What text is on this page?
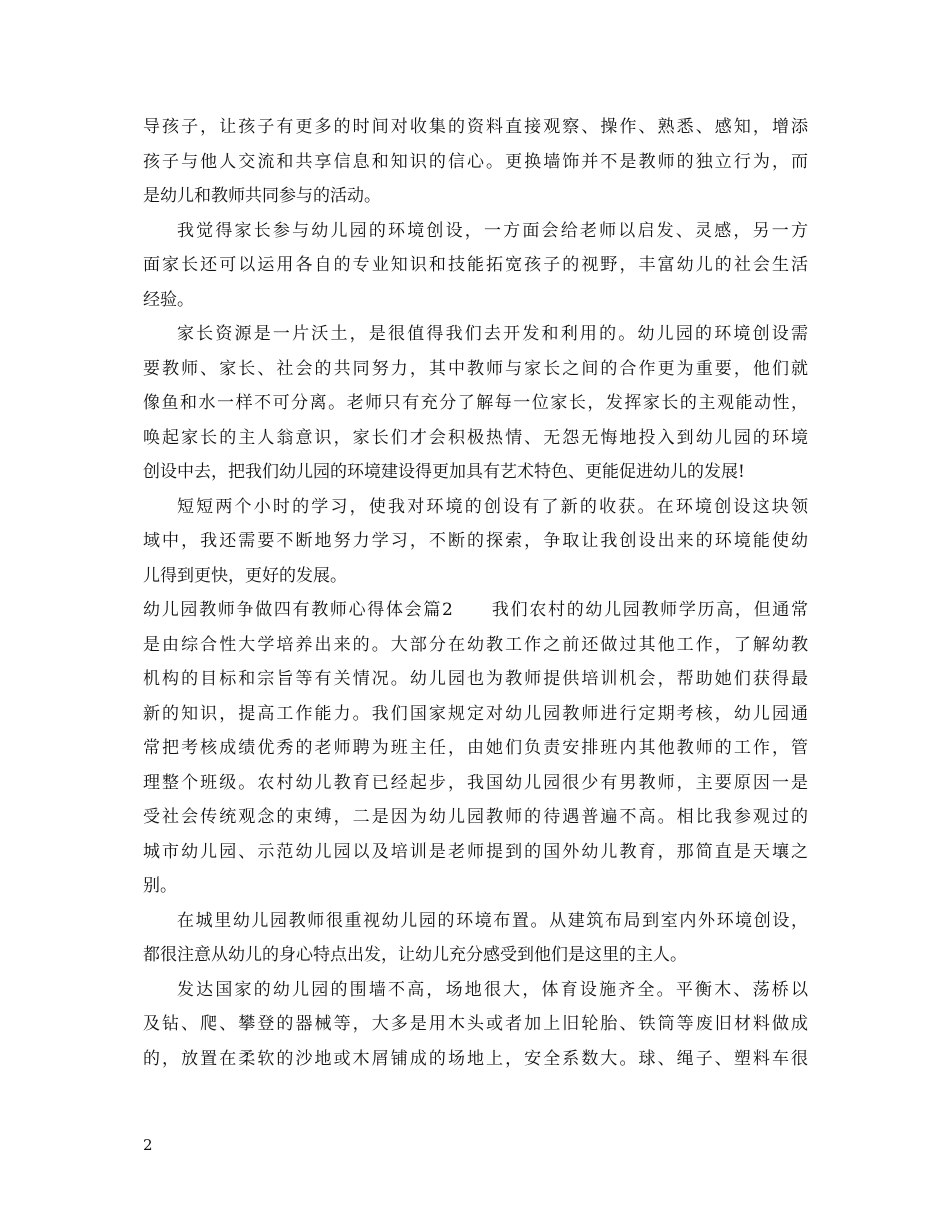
导孩子，让孩子有更多的时间对收集的资料直接观察、操作、熟悉、感知，增添
孩子与他人交流和共享信息和知识的信心。更换墙饰并不是教师的独立行为，而
是幼儿和教师共同参与的活动。
我觉得家长参与幼儿园的环境创设，一方面会给老师以启发、灵感，另一方
面家长还可以运用各自的专业知识和技能拓宽孩子的视野，丰富幼儿的社会生活
经验。
家长资源是一片沃土，是很值得我们去开发和利用的。幼儿园的环境创设需
要教师、家长、社会的共同努力，其中教师与家长之间的合作更为重要，他们就
像鱼和水一样不可分离。老师只有充分了解每一位家长，发挥家长的主观能动性，
唤起家长的主人翁意识，家长们才会积极热情、无怨无悔地投入到幼儿园的环境
创设中去，把我们幼儿园的环境建设得更加具有艺术特色、更能促进幼儿的发展!
短短两个小时的学习，使我对环境的创设有了新的收获。在环境创设这块领
域中，我还需要不断地努力学习，不断的探索，争取让我创设出来的环境能使幼
儿得到更快，更好的发展。
幼儿园教师争做四有教师心得体会篇2　　我们农村的幼儿园教师学历高，但通常
是由综合性大学培养出来的。大部分在幼教工作之前还做过其他工作，了解幼教
机构的目标和宗旨等有关情况。幼儿园也为教师提供培训机会，帮助她们获得最
新的知识，提高工作能力。我们国家规定对幼儿园教师进行定期考核，幼儿园通
常把考核成绩优秀的老师聘为班主任，由她们负责安排班内其他教师的工作，管
理整个班级。农村幼儿教育已经起步，我国幼儿园很少有男教师，主要原因一是
受社会传统观念的束缚，二是因为幼儿园教师的待遇普遍不高。相比我参观过的
城市幼儿园、示范幼儿园以及培训是老师提到的国外幼儿教育，那简直是天壤之
别。
在城里幼儿园教师很重视幼儿园的环境布置。从建筑布局到室内外环境创设，
都很注意从幼儿的身心特点出发，让幼儿充分感受到他们是这里的主人。
发达国家的幼儿园的围墙不高，场地很大，体育设施齐全。平衡木、荡桥以
及钻、爬、攀登的器械等，大多是用木头或者加上旧轮胎、铁筒等废旧材料做成
的，放置在柔软的沙地或木屑铺成的场地上，安全系数大。球、绳子、塑料车很
2
